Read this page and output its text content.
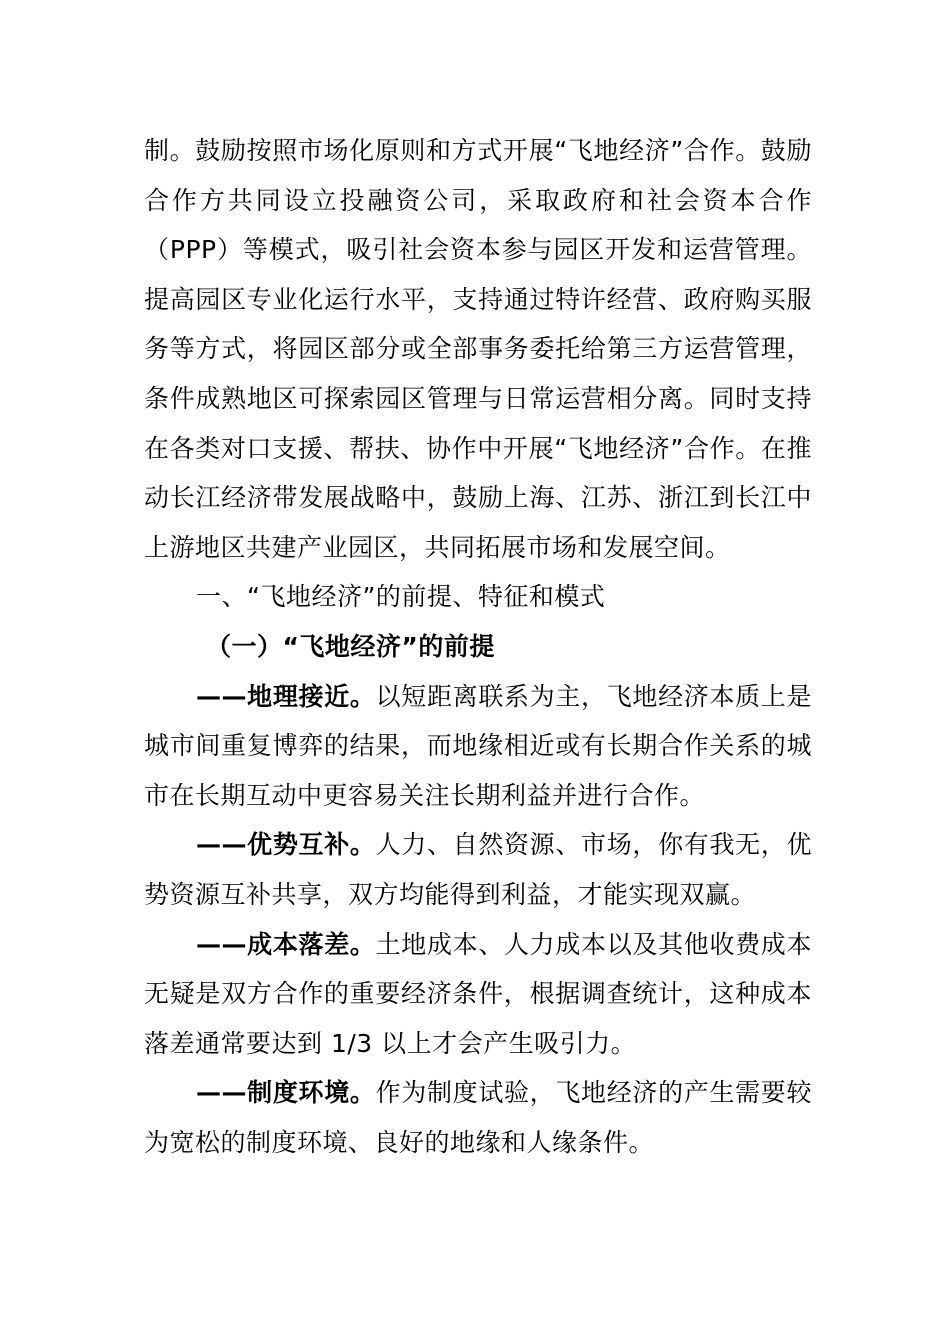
制。鼓励按照市场化原则和方式开展“飞地经济”合作。鼓励合作方共同设立投融资公司，采取政府和社会资本合作（PPP）等模式，吸引社会资本参与园区开发和运营管理。提高园区专业化运行水平，支持通过特许经营、政府购买服务等方式，将园区部分或全部事务委托给第三方运营管理，条件成熟地区可探索园区管理与日常运营相分离。同时支持在各类对口支援、帮扶、协作中开展“飞地经济”合作。在推动长江经济带发展战略中，鼓励上海、江苏、浙江到长江中上游地区共建产业园区，共同拓展市场和发展空间。

一、“飞地经济”的前提、特征和模式

（一）“飞地经济”的前提

——地理接近。以短距离联系为主，飞地经济本质上是城市间重复博弈的结果，而地缘相近或有长期合作关系的城市在长期互动中更容易关注长期利益并进行合作。

——优势互补。人力、自然资源、市场，你有我无，优势资源互补共享，双方均能得到利益，才能实现双赢。

——成本落差。土地成本、人力成本以及其他收费成本无疑是双方合作的重要经济条件，根据调查统计，这种成本落差通常要达到 1/3 以上才会产生吸引力。

——制度环境。作为制度试验，飞地经济的产生需要较为宽松的制度环境、良好的地缘和人缘条件。
